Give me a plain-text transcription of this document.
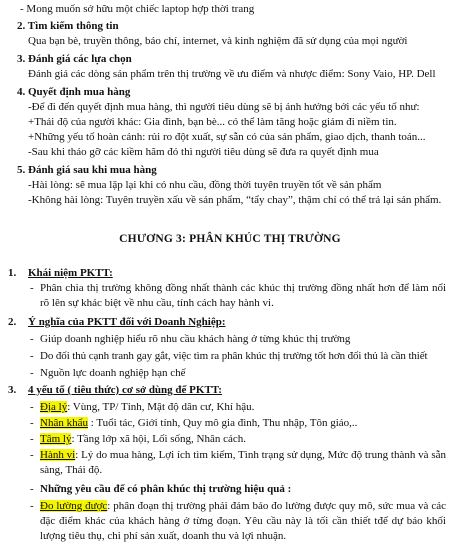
- Mong muốn sở hữu một chiếc laptop hợp thời trang
2. Tìm kiếm thông tin
Qua bạn bè, truyền thông, báo chí, internet, và kinh nghiệm đã sử dụng của mọi người
3. Đánh giá các lựa chọn
Đánh giá các dòng sản phẩm trên thị trường về ưu điểm và nhược điểm: Sony Vaio, HP. Dell
4. Quyết định mua hàng
-Để đi đến quyết định mua hàng, thì người tiêu dùng sẽ bị ảnh hưởng bởi các yếu tố như:
+Thái độ của người khác: Gia đình, bạn bè... có thể làm tăng hoặc giảm đi niềm tin.
+Những yếu tố hoàn cảnh: rủi ro đột xuất, sự sẵn có của sản phẩm, giao dịch, thanh toán...
-Sau khi tháo gỡ các kiềm hãm đó thì người tiêu dùng sẽ đưa ra quyết định mua
5. Đánh giá sau khi mua hàng
-Hài lòng: sẽ mua lặp lại khi có nhu cầu, đồng thời tuyên truyền tốt về sản phẩm
-Không hài lòng: Tuyên truyền xấu về sản phẩm, “tẩy chay”, thậm chí có thể trả lại sản phẩm.
CHƯƠNG 3: PHÂN KHÚC THỊ TRƯỜNG
1. Khái niệm PKTT:
- Phân chia thị trường không đồng nhất thành các khúc thị trường đồng nhất hơn để làm nổi rõ lên sự khác biệt về nhu cầu, tính cách hay hành vi.
2. Ý nghĩa của PKTT đối với Doanh Nghiệp:
- Giúp doanh nghiệp hiểu rõ nhu cầu khách hàng ở từng khúc thị trường
- Do đối thủ cạnh tranh gay gắt, việc tìm ra phân khúc thị trường tốt hơn đối thủ là cần thiết
- Nguồn lực doanh nghiệp hạn chế
3. 4 yếu tố ( tiêu thức) cơ sở dùng để PKTT:
- Địa lý: Vùng, TP/ Tỉnh, Mật độ dân cư, Khí hậu.
- Nhân khẩu : Tuổi tác, Giới tính, Quy mô gia đình, Thu nhập, Tôn giáo,..
- Tâm lý: Tầng lớp xã hội, Lối sống, Nhân cách.
- Hành vi: Lý do mua hàng, Lợi ích tìm kiếm, Tình trạng sử dụng, Mức độ trung thành và sẵn sàng, Thái độ.
- Những yêu cầu để có phân khúc thị trường hiệu quả :
- Đo lường được: phân đoạn thị trường phải đảm bảo đo lường được quy mô, sức mua và các đặc điểm khác của khách hàng ở từng đoạn. Yêu cầu này là tối cần thiết tđể dự báo khối lượng tiêu thụ, chi phí sản xuất, doanh thu và lợi nhuận.
